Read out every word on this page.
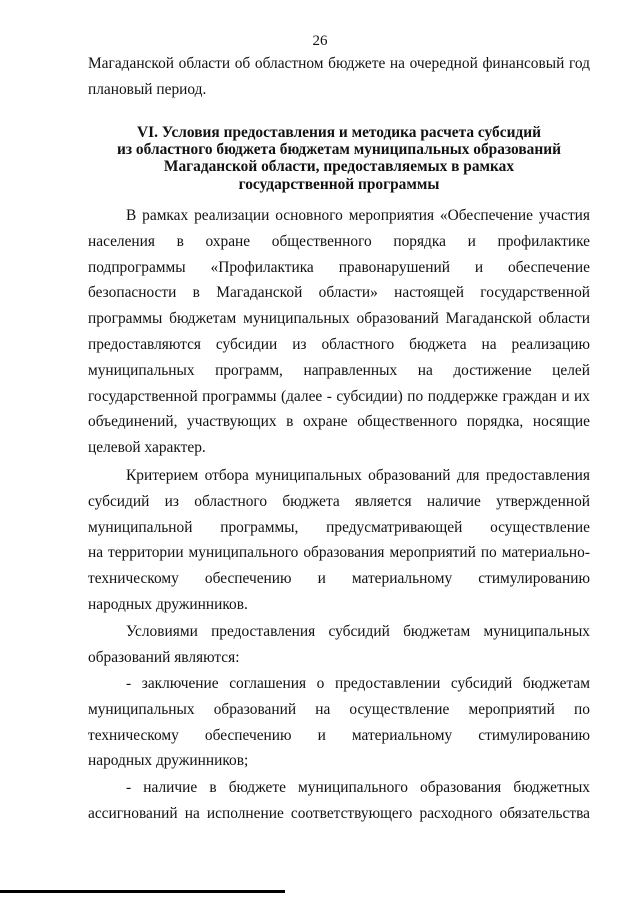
26
Магаданской области об областном бюджете на очередной финансовый год
плановый период.
VI. Условия предоставления и методика расчета субсидий
из областного бюджета бюджетам муниципальных образований
Магаданской области, предоставляемых в рамках
государственной программы
В рамках реализации основного мероприятия «Обеспечение участия
населения в охране общественного порядка и профилактике
подпрограммы «Профилактика правонарушений и обеспечение
безопасности в Магаданской области» настоящей государственной
программы бюджетам муниципальных образований Магаданской области
предоставляются субсидии из областного бюджета на реализацию
муниципальных программ, направленных на достижение целей
государственной программы (далее - субсидии) по поддержке граждан и их
объединений, участвующих в охране общественного порядка, носящие
целевой характер.
Критерием отбора муниципальных образований для предоставления
субсидий из областного бюджета является наличие утвержденной
муниципальной программы, предусматривающей осуществление
на территории муниципального образования мероприятий по материально-
техническому обеспечению и материальному стимулированию
народных дружинников.
Условиями предоставления субсидий бюджетам муниципальных
образований являются:
- заключение соглашения о предоставлении субсидий бюджетам
муниципальных образований на осуществление мероприятий по
техническому обеспечению и материальному стимулированию
народных дружинников;
- наличие в бюджете муниципального образования бюджетных
ассигнований на исполнение соответствующего расходного обязательства
